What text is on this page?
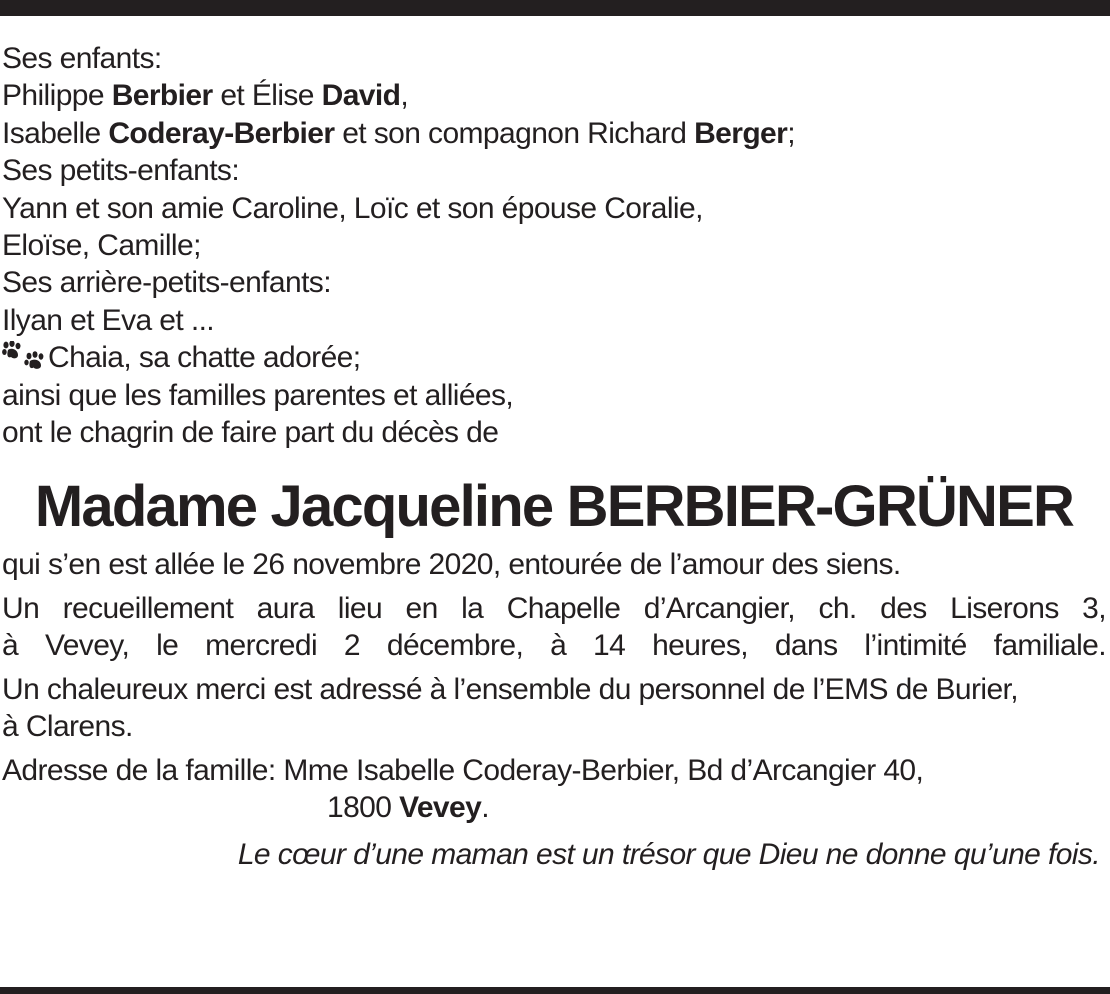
Ses enfants:
Philippe Berbier et Élise David,
Isabelle Coderay-Berbier et son compagnon Richard Berger;
Ses petits-enfants:
Yann et son amie Caroline, Loïc et son épouse Coralie,
Eloïse, Camille;
Ses arrière-petits-enfants:
Ilyan et Eva et ...
Chaia, sa chatte adorée;
ainsi que les familles parentes et alliées,
ont le chagrin de faire part du décès de
Madame Jacqueline BERBIER-GRÜNER
qui s’en est allée le 26 novembre 2020, entourée de l’amour des siens.
Un recueillement aura lieu en la Chapelle d’Arcangier, ch. des Liserons 3,
à Vevey, le mercredi 2 décembre, à 14 heures, dans l’intimité familiale.
Un chaleureux merci est adressé à l’ensemble du personnel de l’EMS de Burier,
à Clarens.
Adresse de la famille: Mme Isabelle Coderay-Berbier, Bd d’Arcangier 40,
1800 Vevey.
Le cœur d’une maman est un trésor que Dieu ne donne qu’une fois.
